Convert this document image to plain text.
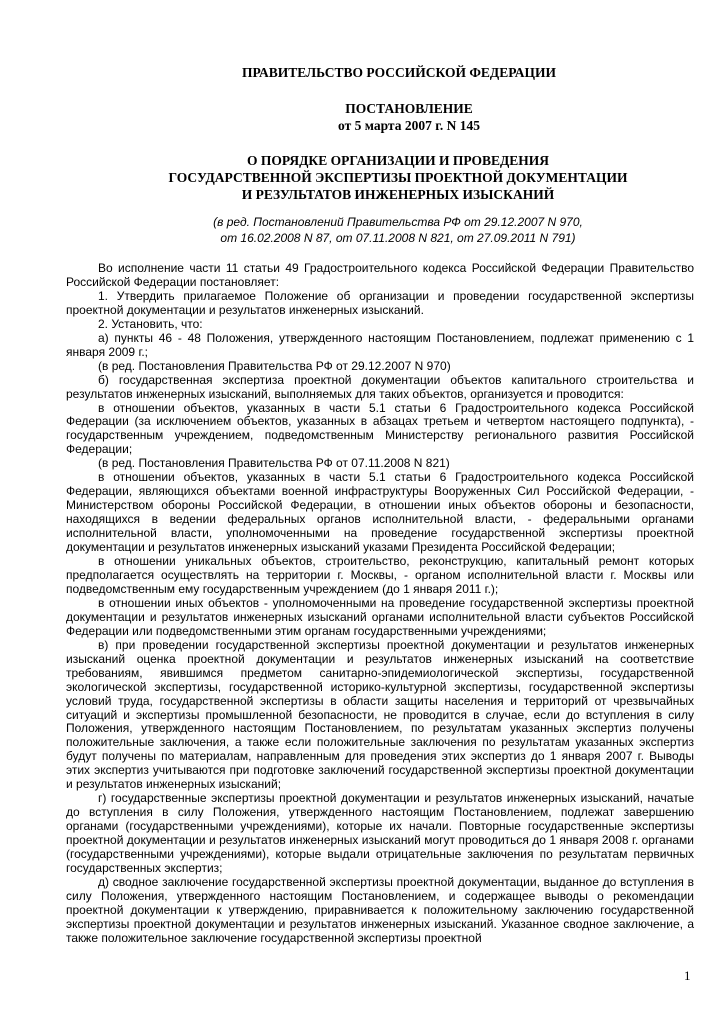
ПРАВИТЕЛЬСТВО РОССИЙСКОЙ ФЕДЕРАЦИИ
ПОСТАНОВЛЕНИЕ
от 5 марта 2007 г. N 145
О ПОРЯДКЕ ОРГАНИЗАЦИИ И ПРОВЕДЕНИЯ
ГОСУДАРСТВЕННОЙ ЭКСПЕРТИЗЫ ПРОЕКТНОЙ ДОКУМЕНТАЦИИ
И РЕЗУЛЬТАТОВ ИНЖЕНЕРНЫХ ИЗЫСКАНИЙ
(в ред. Постановлений Правительства РФ от 29.12.2007 N 970,
от 16.02.2008 N 87, от 07.11.2008 N 821, от 27.09.2011 N 791)

Во исполнение части 11 статьи 49 Градостроительного кодекса Российской Федерации Правительство Российской Федерации постановляет:

1. Утвердить прилагаемое Положение об организации и проведении государственной экспертизы проектной документации и результатов инженерных изысканий.

2. Установить, что:

а) пункты 46 - 48 Положения, утвержденного настоящим Постановлением, подлежат применению с 1 января 2009 г.;

(в ред. Постановления Правительства РФ от 29.12.2007 N 970)

б) государственная экспертиза проектной документации объектов капитального строительства и результатов инженерных изысканий, выполняемых для таких объектов, организуется и проводится:

в отношении объектов, указанных в части 5.1 статьи 6 Градостроительного кодекса Российской Федерации (за исключением объектов, указанных в абзацах третьем и четвертом настоящего подпункта), - государственным учреждением, подведомственным Министерству регионального развития Российской Федерации;

(в ред. Постановления Правительства РФ от 07.11.2008 N 821)

в отношении объектов, указанных в части 5.1 статьи 6 Градостроительного кодекса Российской Федерации, являющихся объектами военной инфраструктуры Вооруженных Сил Российской Федерации, - Министерством обороны Российской Федерации, в отношении иных объектов обороны и безопасности, находящихся в ведении федеральных органов исполнительной власти, - федеральными органами исполнительной власти, уполномоченными на проведение государственной экспертизы проектной документации и результатов инженерных изысканий указами Президента Российской Федерации;

в отношении уникальных объектов, строительство, реконструкцию, капитальный ремонт которых предполагается осуществлять на территории г. Москвы, - органом исполнительной власти г. Москвы или подведомственным ему государственным учреждением (до 1 января 2011 г.);

в отношении иных объектов - уполномоченными на проведение государственной экспертизы проектной документации и результатов инженерных изысканий органами исполнительной власти субъектов Российской Федерации или подведомственными этим органам государственными учреждениями;

в) при проведении государственной экспертизы проектной документации и результатов инженерных изысканий оценка проектной документации и результатов инженерных изысканий на соответствие требованиям, явившимся предметом санитарно-эпидемиологической экспертизы, государственной экологической экспертизы, государственной историко-культурной экспертизы, государственной экспертизы условий труда, государственной экспертизы в области защиты населения и территорий от чрезвычайных ситуаций и экспертизы промышленной безопасности, не проводится в случае, если до вступления в силу Положения, утвержденного настоящим Постановлением, по результатам указанных экспертиз получены положительные заключения, а также если положительные заключения по результатам указанных экспертиз будут получены по материалам, направленным для проведения этих экспертиз до 1 января 2007 г. Выводы этих экспертиз учитываются при подготовке заключений государственной экспертизы проектной документации и результатов инженерных изысканий;

г) государственные экспертизы проектной документации и результатов инженерных изысканий, начатые до вступления в силу Положения, утвержденного настоящим Постановлением, подлежат завершению органами (государственными учреждениями), которые их начали. Повторные государственные экспертизы проектной документации и результатов инженерных изысканий могут проводиться до 1 января 2008 г. органами (государственными учреждениями), которые выдали отрицательные заключения по результатам первичных государственных экспертиз;

д) сводное заключение государственной экспертизы проектной документации, выданное до вступления в силу Положения, утвержденного настоящим Постановлением, и содержащее выводы о рекомендации проектной документации к утверждению, приравнивается к положительному заключению государственной экспертизы проектной документации и результатов инженерных изысканий. Указанное сводное заключение, а также положительное заключение государственной экспертизы проектной

1
